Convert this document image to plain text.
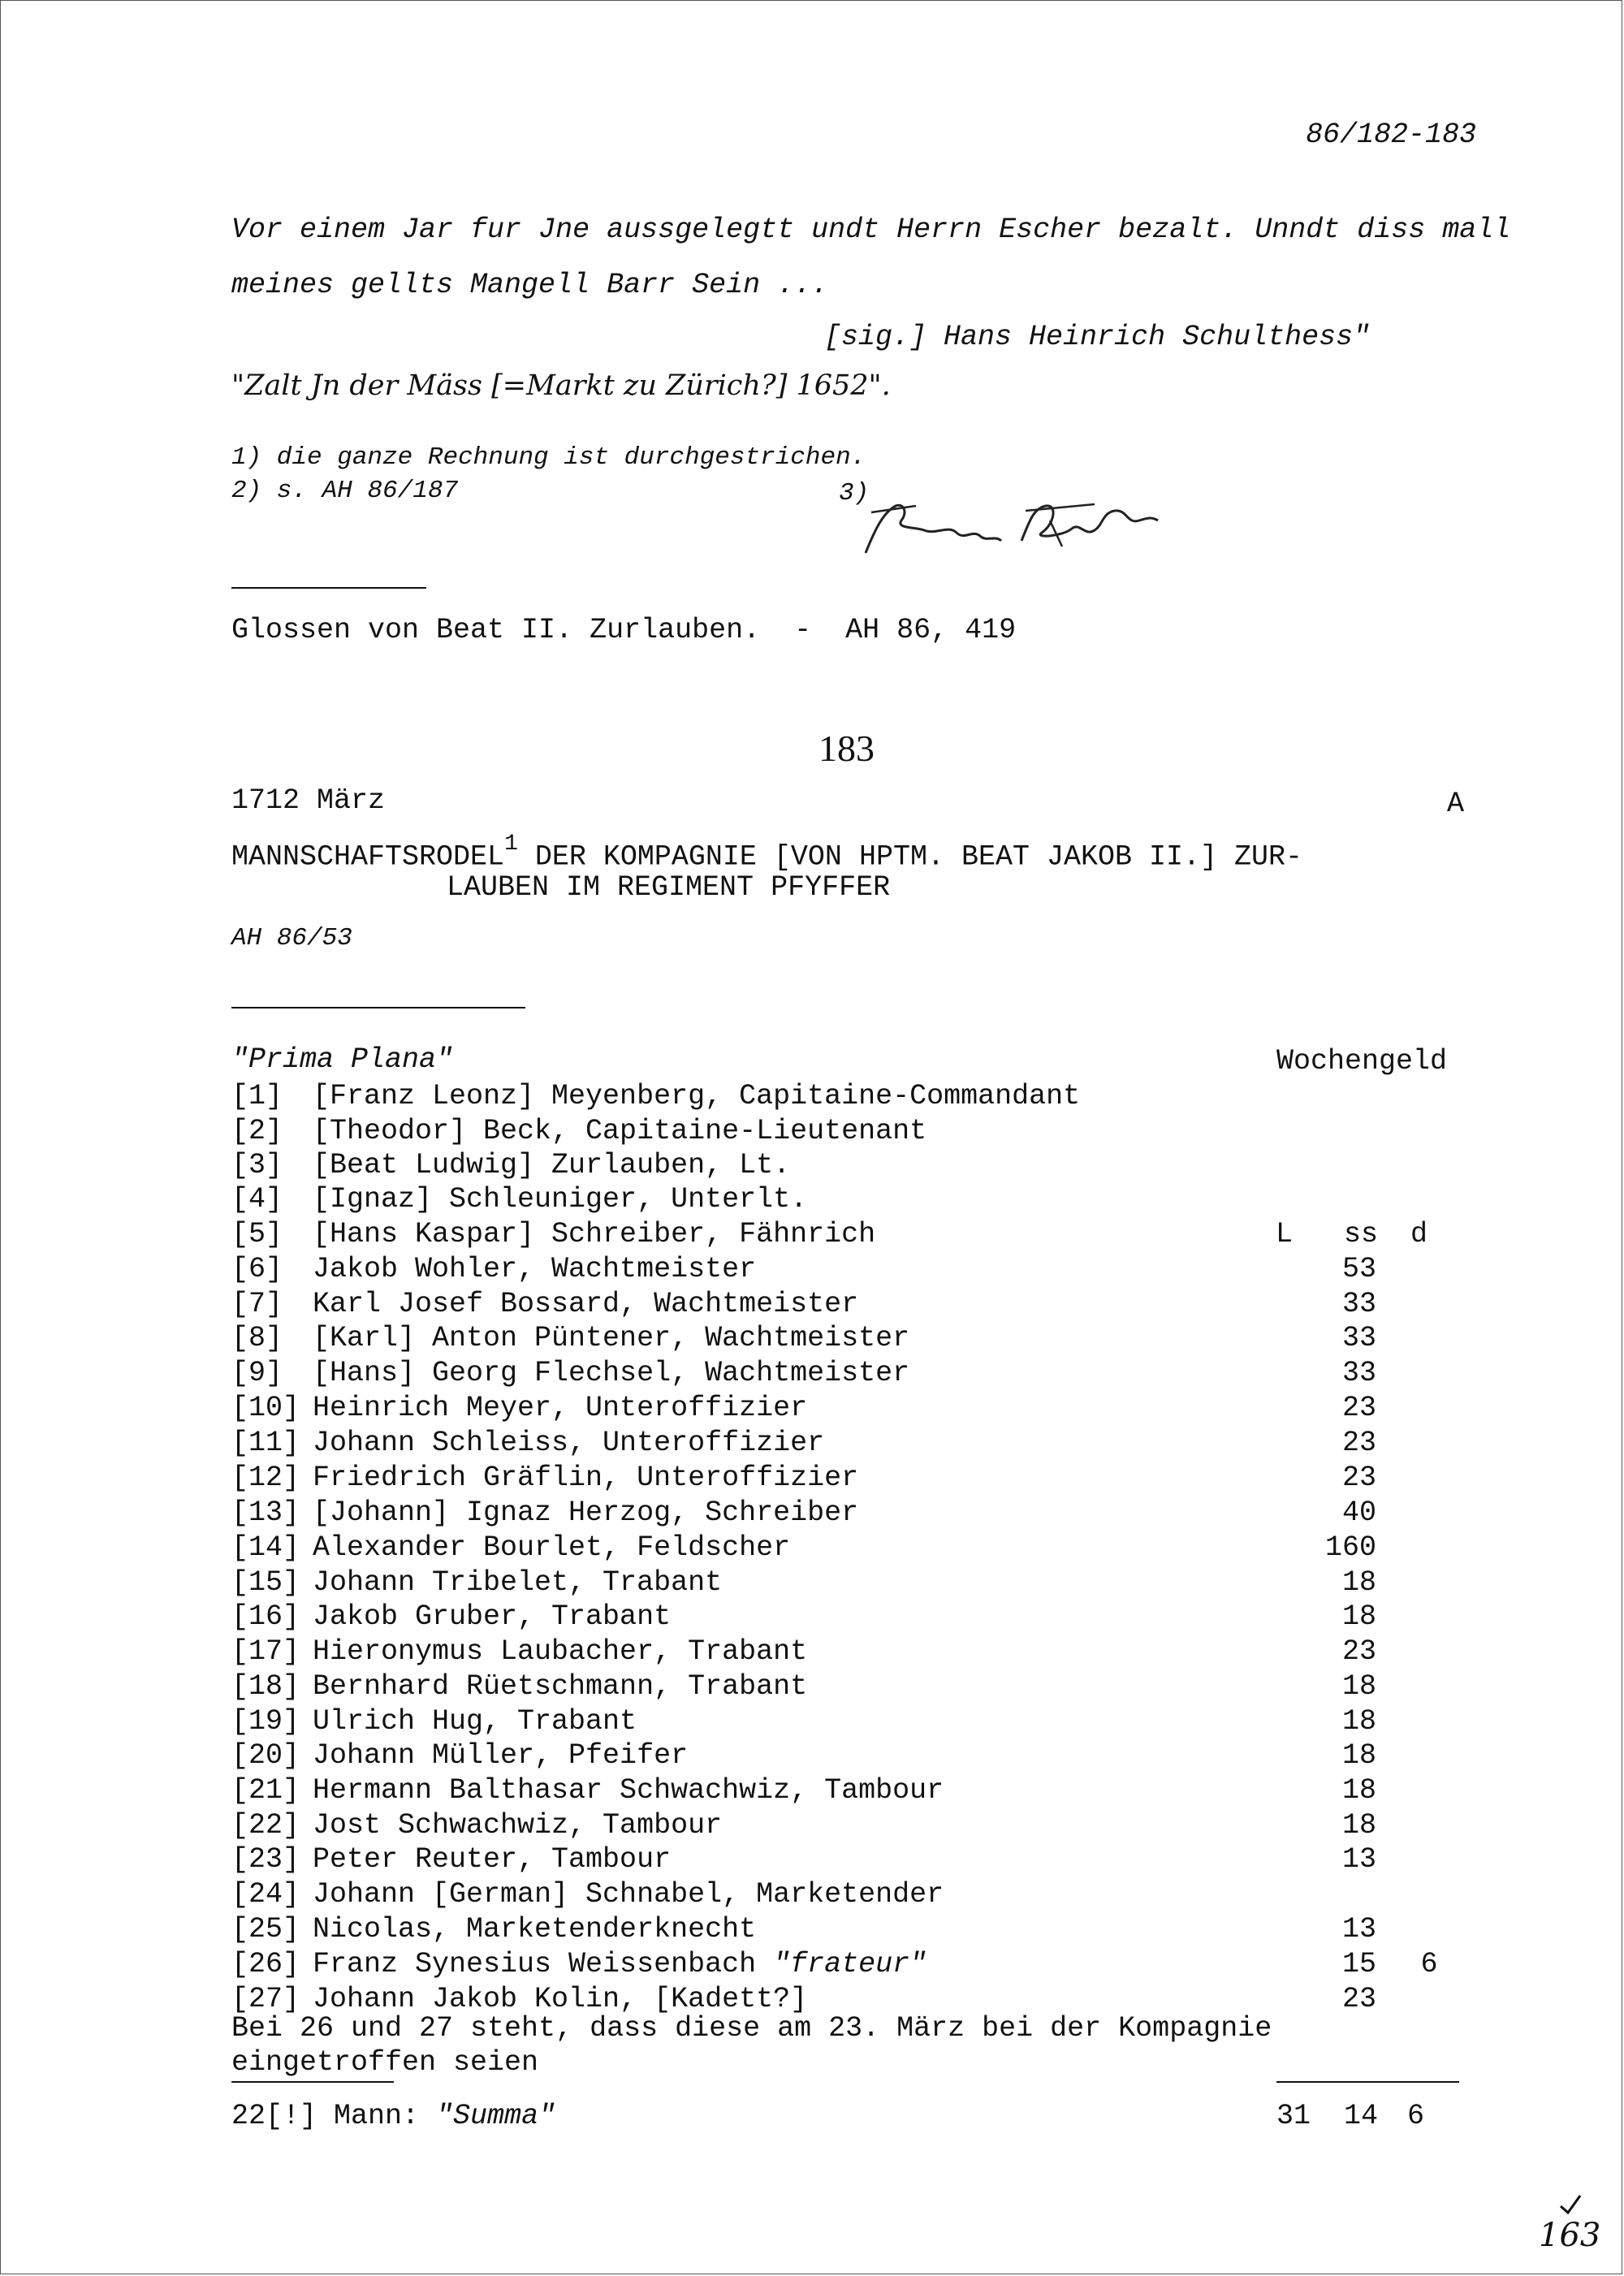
86/182-183
Vor einem Jar fur Jne aussgelegtt undt Herrn Escher bezalt. Unndt diss mall
meines gellts Mangell Barr Sein ...
[sig.] Hans Heinrich Schulthess"
"Zalt Jn der Mäss [=Markt zu Zürich?] 1652".
1) die ganze Rechnung ist durchgestrichen.
2) s. AH 86/187	3)

Glossen von Beat II. Zurlauben.  -  AH 86, 419
183
1712 März	A
MANNSCHAFTSRODEL$^1$ DER KOMPAGNIE [VON HPTM. BEAT JAKOB II.] ZUR-
LAUBEN IM REGIMENT PFYFFER
AH 86/53
"Prima Plana"	Wochengeld
[1] [Franz Leonz] Meyenberg, Capitaine-Commandant
[2] [Theodor] Beck, Capitaine-Lieutenant
[3] [Beat Ludwig] Zurlauben, Lt.
[4] [Ignaz] Schleuniger, Unterlt.
[5] [Hans Kaspar] Schreiber, Fähnrich	L ss d
[6] Jakob Wohler, Wachtmeister	53
[7] Karl Josef Bossard, Wachtmeister	33
[8] [Karl] Anton Püntener, Wachtmeister	33
[9] [Hans] Georg Flechsel, Wachtmeister	33
[10] Heinrich Meyer, Unteroffizier	23
[11] Johann Schleiss, Unteroffizier	23
[12] Friedrich Gräflin, Unteroffizier	23
[13] [Johann] Ignaz Herzog, Schreiber	40
[14] Alexander Bourlet, Feldscher	160
[15] Johann Tribelet, Trabant	18
[16] Jakob Gruber, Trabant	18
[17] Hieronymus Laubacher, Trabant	23
[18] Bernhard Rüetschmann, Trabant	18
[19] Ulrich Hug, Trabant	18
[20] Johann Müller, Pfeifer	18
[21] Hermann Balthasar Schwachwiz, Tambour	18
[22] Jost Schwachwiz, Tambour	18
[23] Peter Reuter, Tambour	13
[24] Johann [German] Schnabel, Marketender
[25] Nicolas, Marketenderknecht	13
[26] Franz Synesius Weissenbach "frateur"	15	6
[27] Johann Jakob Kolin, [Kadett?]	23
Bei 26 und 27 steht, dass diese am 23. März bei der Kompagnie
eingetroffen seien
22[!] Mann: "Summa"	31 14 6

163
